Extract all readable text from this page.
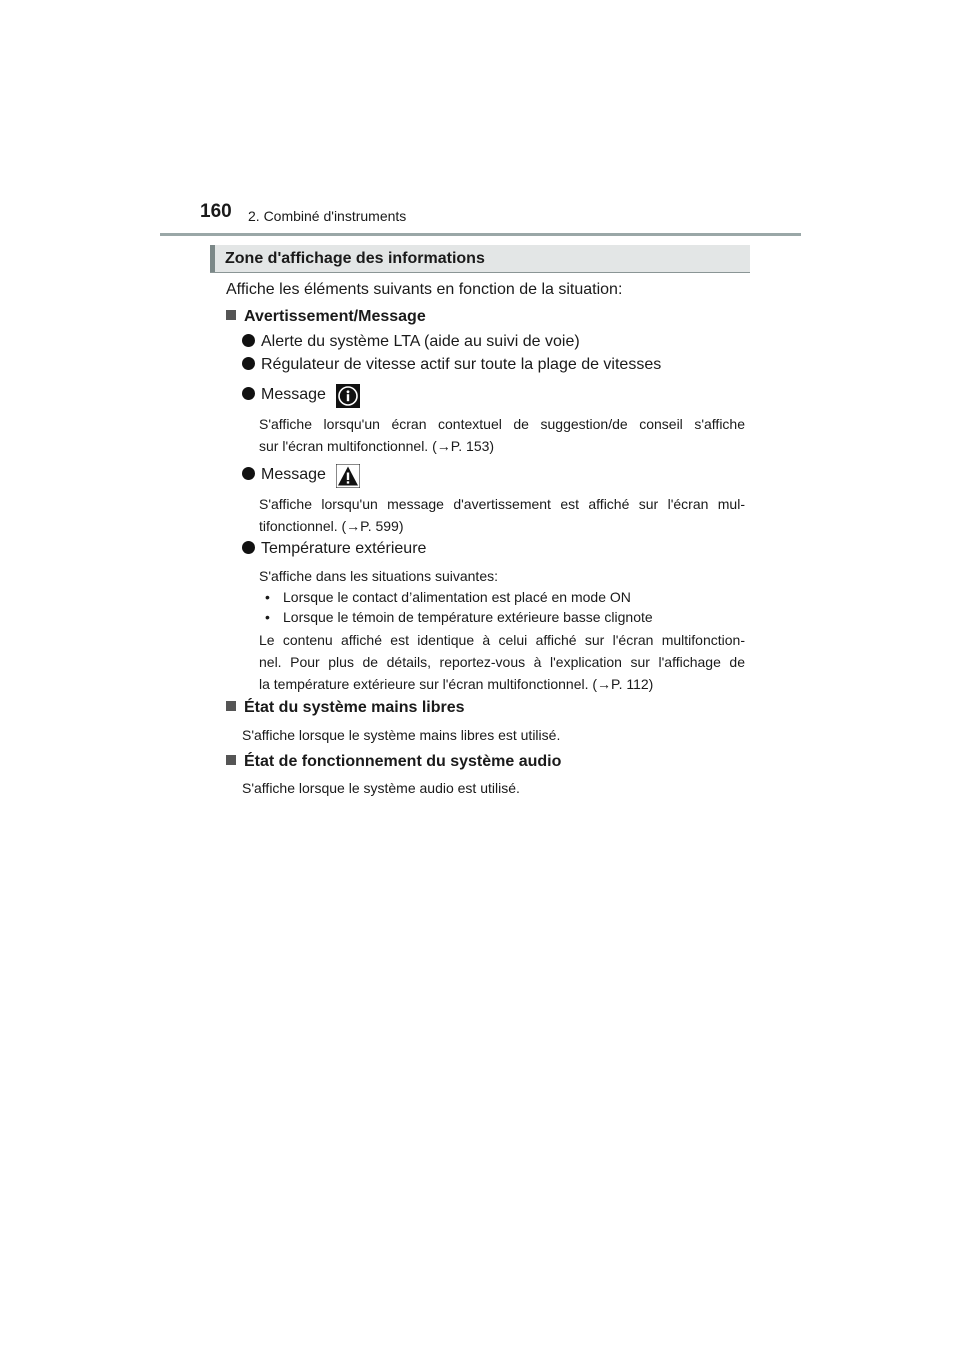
160 2. Combiné d'instruments
Zone d'affichage des informations
Affiche les éléments suivants en fonction de la situation:
Avertissement/Message
Alerte du système LTA (aide au suivi de voie)
Régulateur de vitesse actif sur toute la plage de vitesses
Message
S'affiche lorsqu'un écran contextuel de suggestion/de conseil s'affiche
sur l'écran multifonctionnel. (→P. 153)
Message
S'affiche lorsqu'un message d'avertissement est affiché sur l'écran mul-
tifonctionnel. (→P. 599)
Température extérieure
S'affiche dans les situations suivantes:
• Lorsque le contact d’alimentation est placé en mode ON
• Lorsque le témoin de température extérieure basse clignote
Le contenu affiché est identique à celui affiché sur l'écran multifonction-
nel. Pour plus de détails, reportez-vous à l'explication sur l'affichage de
la température extérieure sur l'écran multifonctionnel. (→P. 112)
État du système mains libres
S'affiche lorsque le système mains libres est utilisé.
État de fonctionnement du système audio
S'affiche lorsque le système audio est utilisé.
